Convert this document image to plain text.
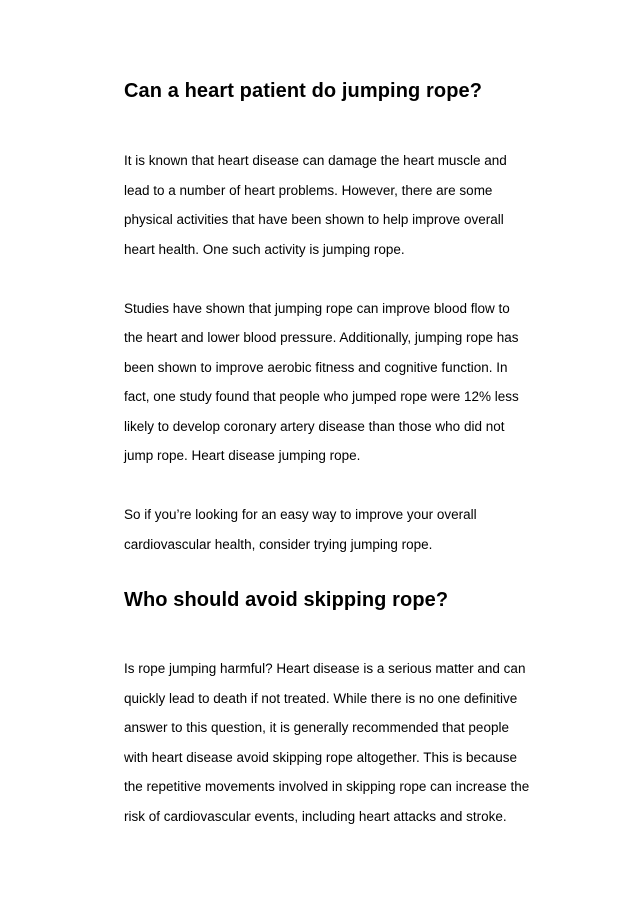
Can a heart patient do jumping rope?

It is known that heart disease can damage the heart muscle and
lead to a number of heart problems. However, there are some
physical activities that have been shown to help improve overall
heart health. One such activity is jumping rope.

Studies have shown that jumping rope can improve blood flow to
the heart and lower blood pressure. Additionally, jumping rope has
been shown to improve aerobic fitness and cognitive function. In
fact, one study found that people who jumped rope were 12% less
likely to develop coronary artery disease than those who did not
jump rope. Heart disease jumping rope.

So if you’re looking for an easy way to improve your overall
cardiovascular health, consider trying jumping rope.

Who should avoid skipping rope?

Is rope jumping harmful? Heart disease is a serious matter and can
quickly lead to death if not treated. While there is no one definitive
answer to this question, it is generally recommended that people
with heart disease avoid skipping rope altogether. This is because
the repetitive movements involved in skipping rope can increase the
risk of cardiovascular events, including heart attacks and stroke.
